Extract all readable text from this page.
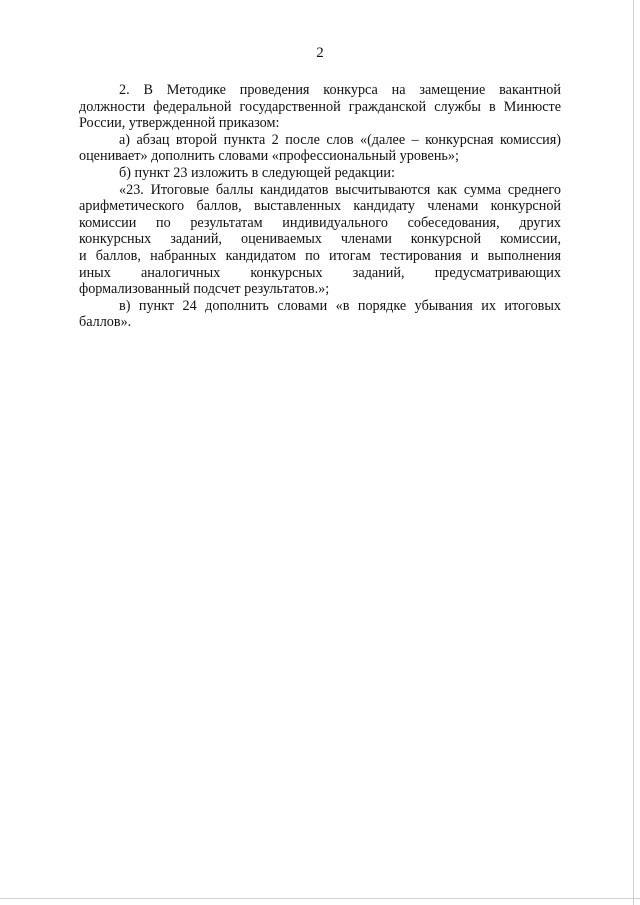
2
2. В Методике проведения конкурса на замещение вакантной
должности федеральной государственной гражданской службы в Минюсте
России, утвержденной приказом:
а) абзац второй пункта 2 после слов «(далее – конкурсная комиссия)
оценивает» дополнить словами «профессиональный уровень»;
б) пункт 23 изложить в следующей редакции:
«23. Итоговые баллы кандидатов высчитываются как сумма среднего
арифметического баллов, выставленных кандидату членами конкурсной
комиссии по результатам индивидуального собеседования, других
конкурсных заданий, оцениваемых членами конкурсной комиссии,
и баллов, набранных кандидатом по итогам тестирования и выполнения
иных аналогичных конкурсных заданий, предусматривающих
формализованный подсчет результатов.»;
в) пункт 24 дополнить словами «в порядке убывания их итоговых
баллов».
